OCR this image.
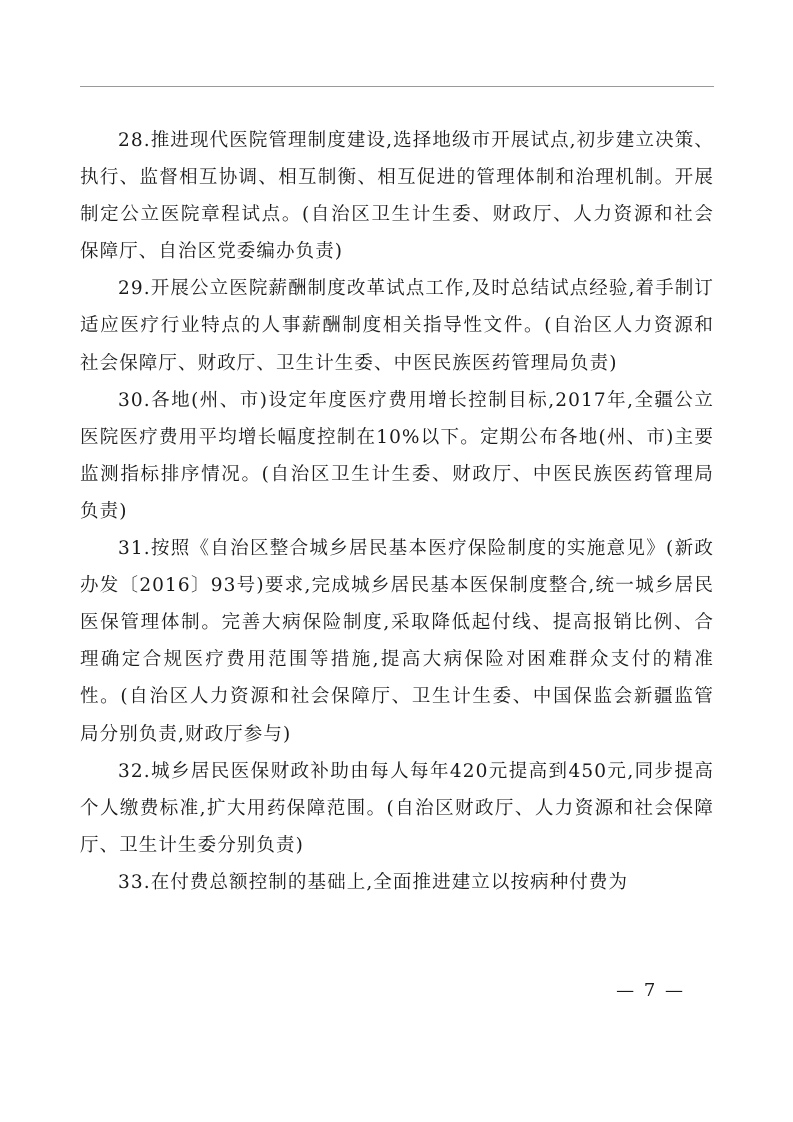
28.推进现代医院管理制度建设,选择地级市开展试点,初步建立决策、执行、监督相互协调、相互制衡、相互促进的管理体制和治理机制。开展制定公立医院章程试点。(自治区卫生计生委、财政厅、人力资源和社会保障厅、自治区党委编办负责)

29.开展公立医院薪酬制度改革试点工作,及时总结试点经验,着手制订适应医疗行业特点的人事薪酬制度相关指导性文件。(自治区人力资源和社会保障厅、财政厅、卫生计生委、中医民族医药管理局负责)

30.各地(州、市)设定年度医疗费用增长控制目标,2017年,全疆公立医院医疗费用平均增长幅度控制在10%以下。定期公布各地(州、市)主要监测指标排序情况。(自治区卫生计生委、财政厅、中医民族医药管理局负责)

31.按照《自治区整合城乡居民基本医疗保险制度的实施意见》(新政办发〔2016〕93号)要求,完成城乡居民基本医保制度整合,统一城乡居民医保管理体制。完善大病保险制度,采取降低起付线、提高报销比例、合理确定合规医疗费用范围等措施,提高大病保险对困难群众支付的精准性。(自治区人力资源和社会保障厅、卫生计生委、中国保监会新疆监管局分别负责,财政厅参与)

32.城乡居民医保财政补助由每人每年420元提高到450元,同步提高个人缴费标准,扩大用药保障范围。(自治区财政厅、人力资源和社会保障厅、卫生计生委分别负责)

33.在付费总额控制的基础上,全面推进建立以按病种付费为

— 7 —
